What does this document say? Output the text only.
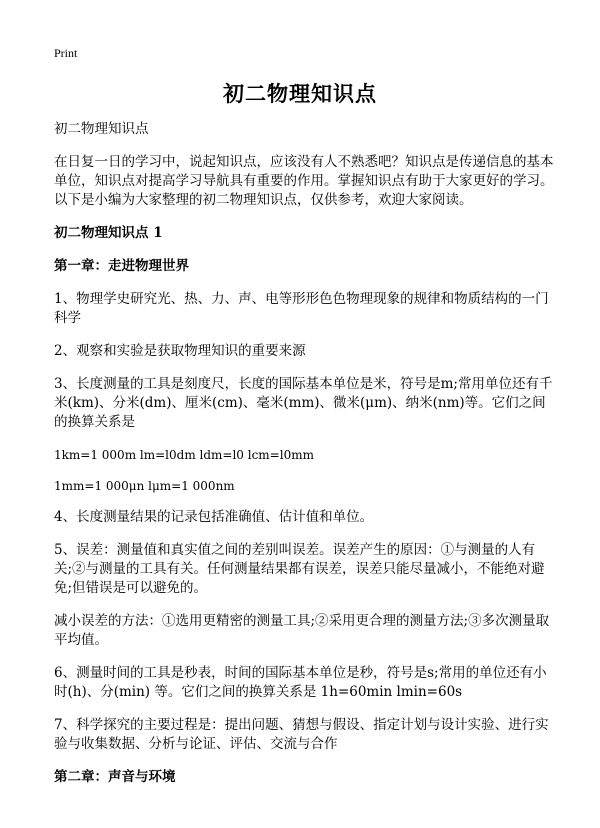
Print
初二物理知识点

初二物理知识点

在日复一日的学习中，说起知识点，应该没有人不熟悉吧？知识点是传递信息的基本单位，知识点对提高学习导航具有重要的作用。掌握知识点有助于大家更好的学习。以下是小编为大家整理的初二物理知识点，仅供参考，欢迎大家阅读。

初二物理知识点 1

第一章：走进物理世界

1、物理学史研究光、热、力、声、电等形形色色物理现象的规律和物质结构的一门科学

2、观察和实验是获取物理知识的重要来源

3、长度测量的工具是刻度尺，长度的国际基本单位是米，符号是m;常用单位还有千米(km)、分米(dm)、厘米(cm)、毫米(mm)、微米(μm)、纳米(nm)等。它们之间的换算关系是

1km=1 000m lm=l0dm ldm=l0 lcm=l0mm

1mm=1 000μn lμm=1 000nm

4、长度测量结果的记录包括准确值、估计值和单位。

5、误差：测量值和真实值之间的差别叫误差。误差产生的原因：①与测量的人有关;②与测量的工具有关。任何测量结果都有误差，误差只能尽量减小，不能绝对避免;但错误是可以避免的。

减小误差的方法：①选用更精密的测量工具;②采用更合理的测量方法;③多次测量取平均值。

6、测量时间的工具是秒表，时间的国际基本单位是秒，符号是s;常用的单位还有小时(h)、分(min) 等。它们之间的换算关系是 1h=60min lmin=60s

7、科学探究的主要过程是：提出问题、猜想与假设、指定计划与设计实验、进行实验与收集数据、分析与论证、评估、交流与合作

第二章：声音与环境
